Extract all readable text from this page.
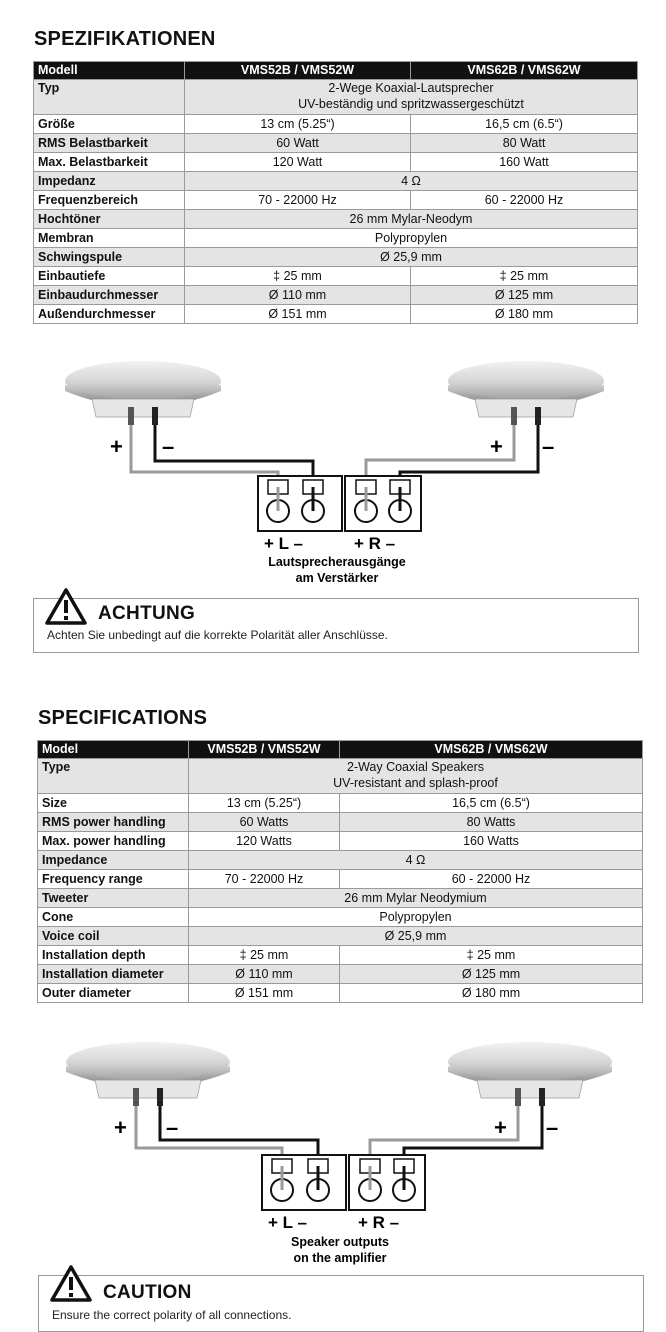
SPEZIFIKATIONEN
Modell	VMS52B / VMS52W	VMS62B / VMS62W
Typ	2-Wege Koaxial-Lautsprecher
UV-beständig und spritzwassergeschützt	

Größe	13 cm (5.25“)	16,5 cm (6.5“)
RMS Belastbarkeit	60 Watt	80 Watt
Max. Belastbarkeit	120 Watt	160 Watt
Impedanz	4 Ω	
Frequenzbereich	70 - 22000 Hz	60 - 22000 Hz
Hochtöner	26 mm Mylar-Neodym	
Membran	Polypropylen	
Schwingspule	Ø 25,9 mm	
Einbautiefe	‡ 25 mm	‡ 25 mm
Einbaudurchmesser	Ø 110 mm	Ø 125 mm
Außendurchmesser	Ø 151 mm	Ø 180 mm
+ –	+ –
+ L –	+ R –
Lautsprecherausgänge
am Verstärker
ACHTUNG
Achten Sie unbedingt auf die korrekte Polarität aller Anschlüsse.
SPECIFICATIONS
Model	VMS52B / VMS52W	VMS62B / VMS62W
Type	2-Way Coaxial Speakers
UV-resistant and splash-proof	

Size	13 cm (5.25“)	16,5 cm (6.5“)
RMS power handling	60 Watts	80 Watts
Max. power handling	120 Watts	160 Watts
Impedance	4 Ω	
Frequency range	70 - 22000 Hz	60 - 22000 Hz
Tweeter	26 mm Mylar Neodymium	
Cone	Polypropylen	
Voice coil	Ø 25,9 mm	
Installation depth	‡ 25 mm	‡ 25 mm
Installation diameter	Ø 110 mm	Ø 125 mm
Outer diameter	Ø 151 mm	Ø 180 mm
+ –	+ –
+ L –	+ R –
Speaker outputs
on the amplifier
CAUTION
Ensure the correct polarity of all connections.
